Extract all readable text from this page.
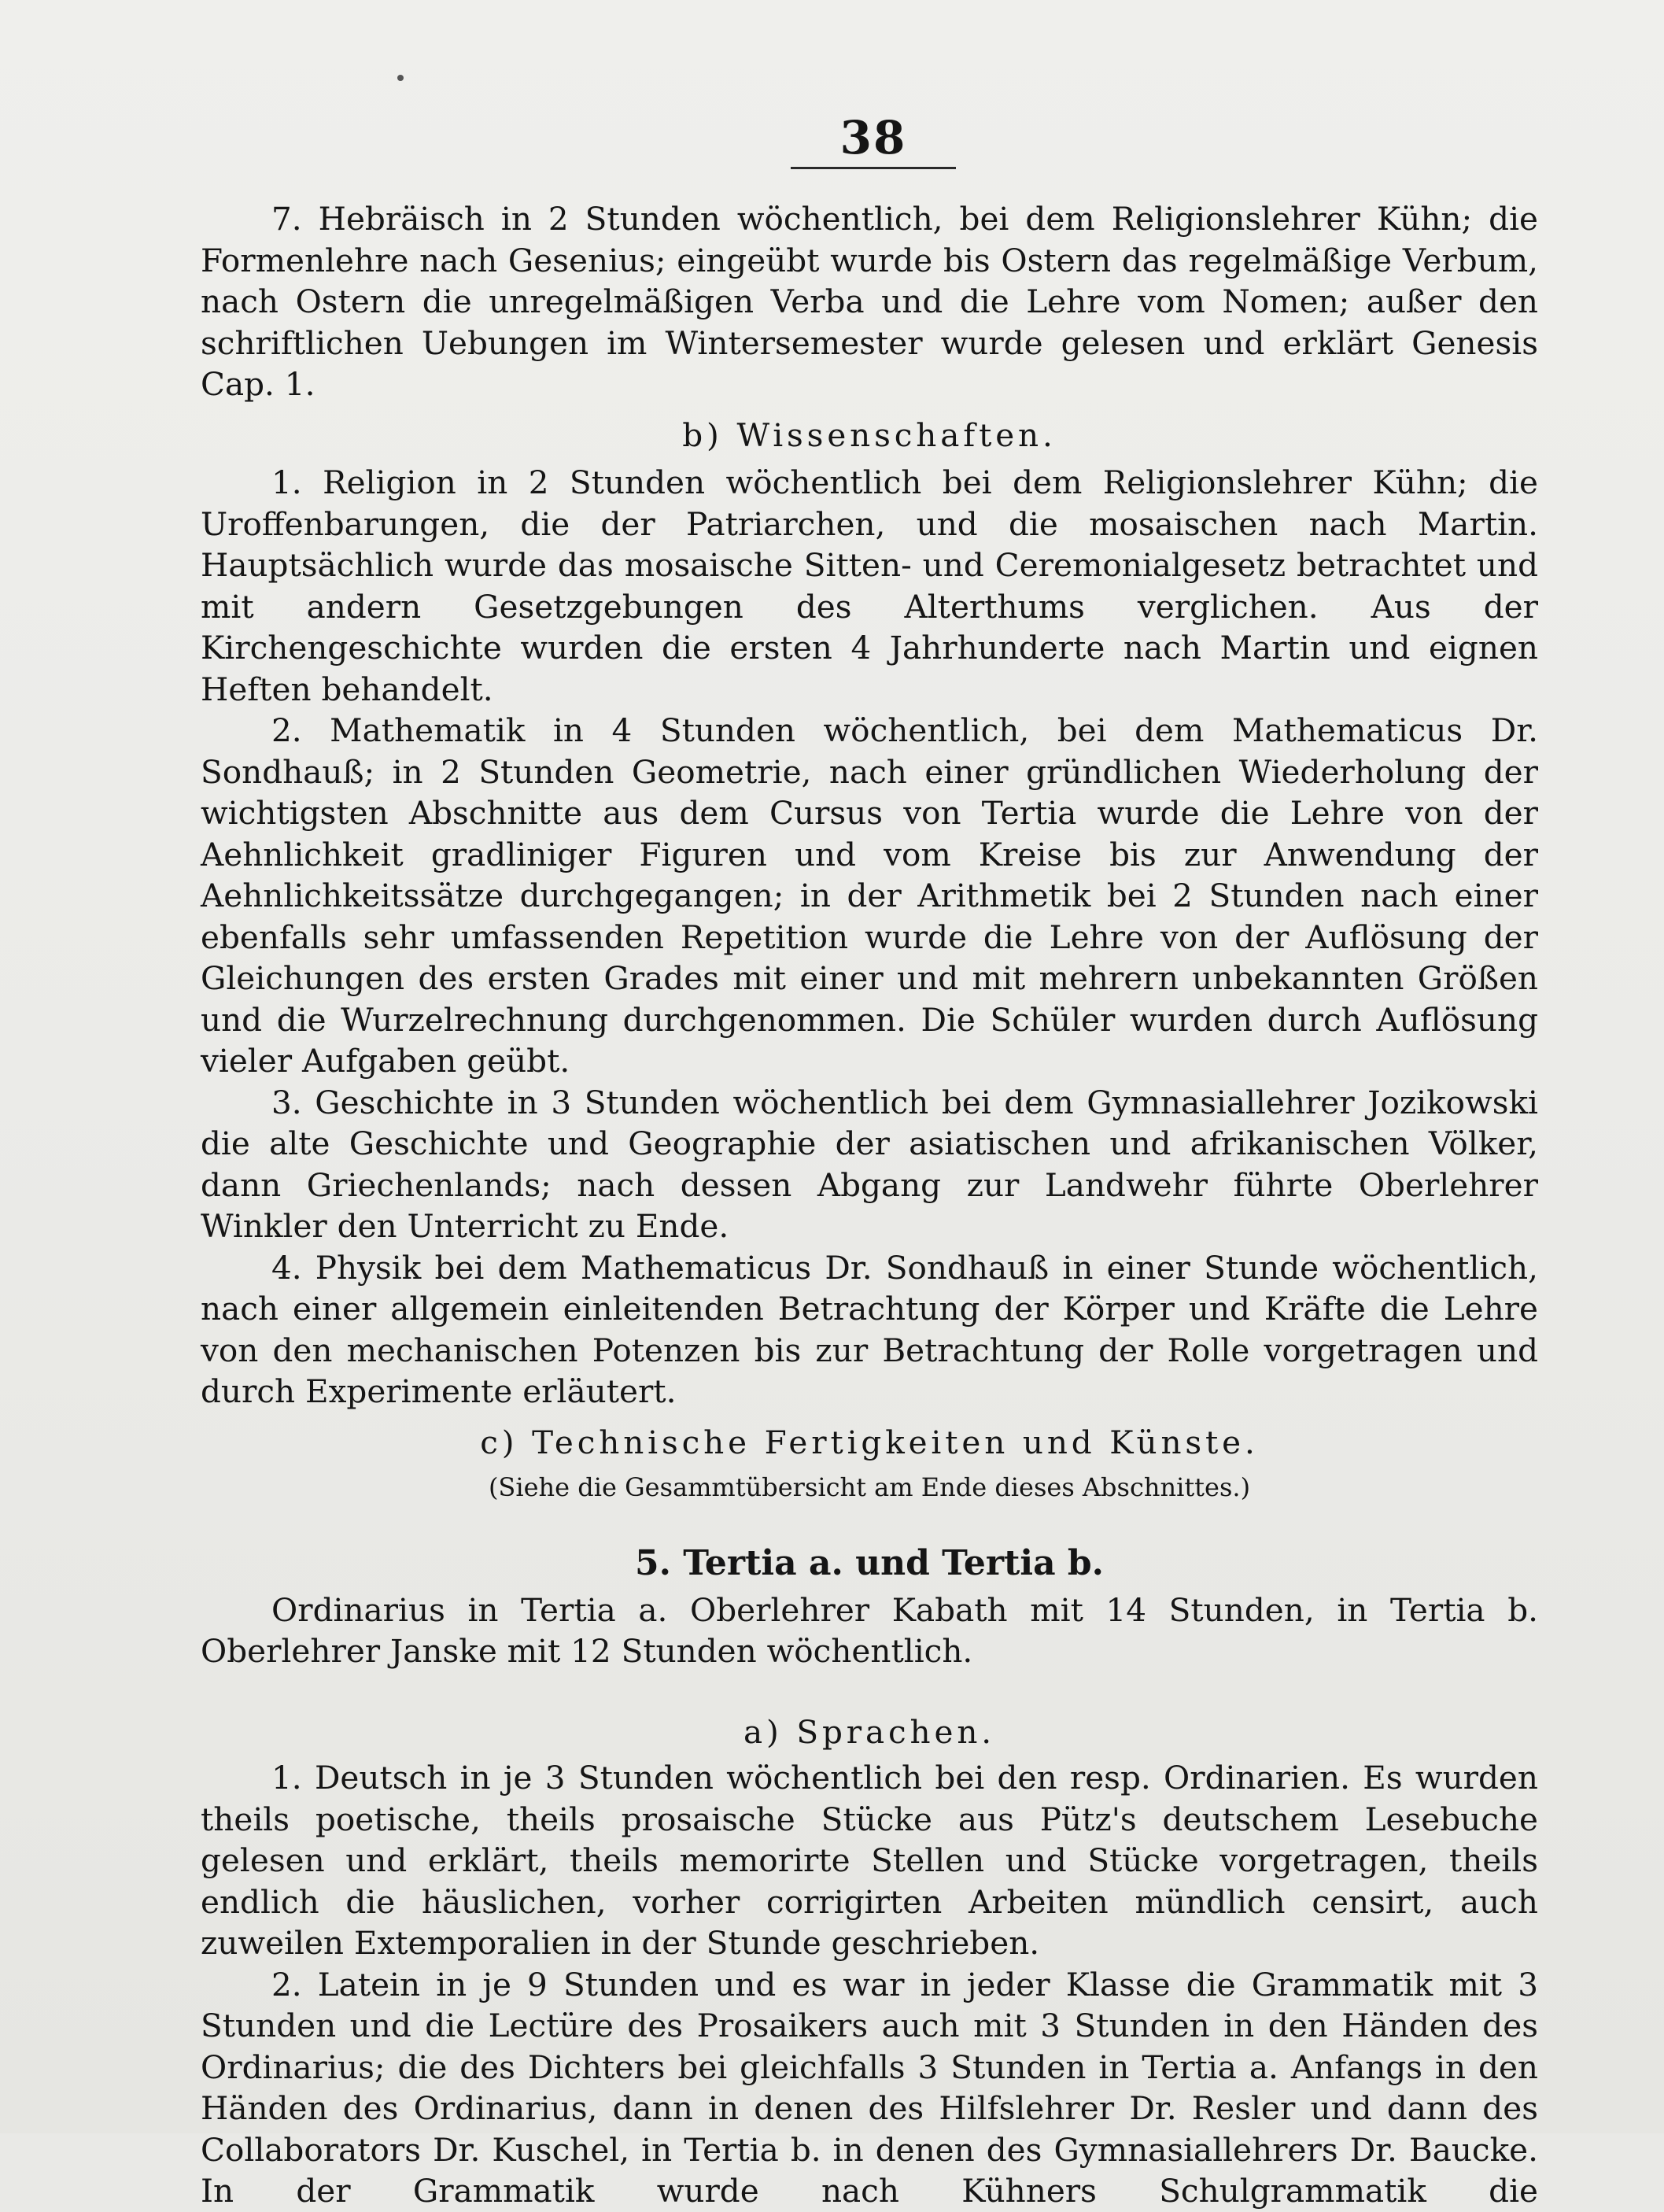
38

7. Hebräisch in 2 Stunden wöchentlich, bei dem Religionslehrer Kühn; die Formenlehre nach Gesenius; eingeübt wurde bis Ostern das regelmäßige Verbum, nach Ostern die unregelmäßigen Verba und die Lehre vom Nomen; außer den schriftlichen Uebungen im Wintersemester wurde gelesen und erklärt Genesis Cap. 1.

b) Wissenschaften.

1. Religion in 2 Stunden wöchentlich bei dem Religionslehrer Kühn; die Uroffenbarungen, die der Patriarchen, und die mosaischen nach Martin. Hauptsächlich wurde das mosaische Sitten- und Ceremonialgesetz betrachtet und mit andern Gesetzgebungen des Alterthums verglichen. Aus der Kirchengeschichte wurden die ersten 4 Jahrhunderte nach Martin und eignen Heften behandelt.

2. Mathematik in 4 Stunden wöchentlich, bei dem Mathematicus Dr. Sondhauß; in 2 Stunden Geometrie, nach einer gründlichen Wiederholung der wichtigsten Abschnitte aus dem Cursus von Tertia wurde die Lehre von der Aehnlichkeit gradliniger Figuren und vom Kreise bis zur Anwendung der Aehnlichkeitssätze durchgegangen; in der Arithmetik bei 2 Stunden nach einer ebenfalls sehr umfassenden Repetition wurde die Lehre von der Auflösung der Gleichungen des ersten Grades mit einer und mit mehrern unbekannten Größen und die Wurzelrechnung durchgenommen. Die Schüler wurden durch Auflösung vieler Aufgaben geübt.

3. Geschichte in 3 Stunden wöchentlich bei dem Gymnasiallehrer Jozikowski die alte Geschichte und Geographie der asiatischen und afrikanischen Völker, dann Griechenlands; nach dessen Abgang zur Landwehr führte Oberlehrer Winkler den Unterricht zu Ende.

4. Physik bei dem Mathematicus Dr. Sondhauß in einer Stunde wöchentlich, nach einer allgemein einleitenden Betrachtung der Körper und Kräfte die Lehre von den mechanischen Potenzen bis zur Betrachtung der Rolle vorgetragen und durch Experimente erläutert.

c) Technische Fertigkeiten und Künste.

(Siehe die Gesammtübersicht am Ende dieses Abschnittes.)

5. Tertia a. und Tertia b.

Ordinarius in Tertia a. Oberlehrer Kabath mit 14 Stunden, in Tertia b. Oberlehrer Janske mit 12 Stunden wöchentlich.

a) Sprachen.

1. Deutsch in je 3 Stunden wöchentlich bei den resp. Ordinarien. Es wurden theils poetische, theils prosaische Stücke aus Pütz's deutschem Lesebuche gelesen und erklärt, theils memorirte Stellen und Stücke vorgetragen, theils endlich die häuslichen, vorher corrigirten Arbeiten mündlich censirt, auch zuweilen Extemporalien in der Stunde geschrieben.

2. Latein in je 9 Stunden und es war in jeder Klasse die Grammatik mit 3 Stunden und die Lectüre des Prosaikers auch mit 3 Stunden in den Händen des Ordinarius; die des Dichters bei gleichfalls 3 Stunden in Tertia a. Anfangs in den Händen des Ordinarius, dann in denen des Hilfslehrer Dr. Resler und dann des Collaborators Dr. Kuschel, in Tertia b. in denen des Gymnasiallehrers Dr. Baucke. In der Grammatik wurde nach Kühners Schulgrammatik die
